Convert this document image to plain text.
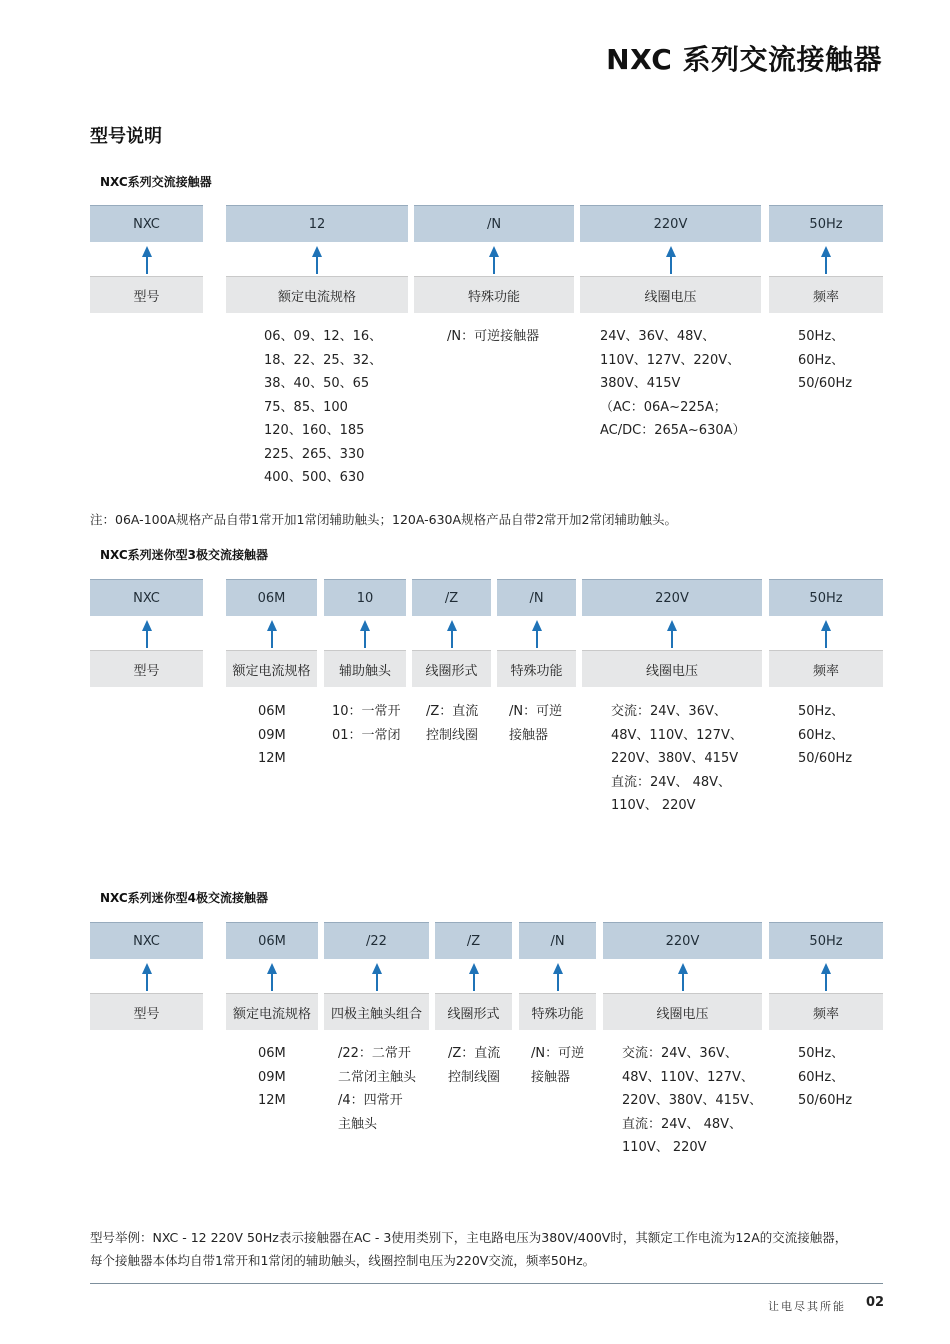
NXC 系列交流接触器
型号说明
NXC系列交流接触器
NXC
型号
12
额定电流规格
06、09、12、16、
18、22、25、32、
38、40、50、65
75、85、100
120、160、185
225、265、330
400、500、630
/N
特殊功能
/N：可逆接触器
220V
线圈电压
24V、36V、48V、
110V、127V、220V、
380V、415V
（AC：06A~225A；
AC/DC：265A~630A）
50Hz
频率
50Hz、
60Hz、
50/60Hz
注：06A-100A规格产品自带1常开加1常闭辅助触头；120A-630A规格产品自带2常开加2常闭辅助触头。
NXC系列迷你型3极交流接触器
NXC
型号
06M
额定电流规格
06M
09M
12M
10
辅助触头
10：一常开
01：一常闭
/Z
线圈形式
/Z：直流
控制线圈
/N
特殊功能
/N：可逆
接触器
220V
线圈电压
交流：24V、36V、
48V、110V、127V、
220V、380V、415V
直流：24V、 48V、
110V、 220V
50Hz
频率
50Hz、
60Hz、
50/60Hz
NXC系列迷你型4极交流接触器
NXC
型号
06M
额定电流规格
06M
09M
12M
/22
四极主触头组合
/22：二常开
二常闭主触头
/4：四常开
主触头
/Z
线圈形式
/Z：直流
控制线圈
/N
特殊功能
/N：可逆
接触器
220V
线圈电压
交流：24V、36V、
48V、110V、127V、
220V、380V、415V、
直流：24V、 48V、
110V、 220V
50Hz
频率
50Hz、
60Hz、
50/60Hz
型号举例：NXC - 12 220V 50Hz表示接触器在AC - 3使用类别下，主电路电压为380V/400V时，其额定工作电流为12A的交流接触器，
每个接触器本体均自带1常开和1常闭的辅助触头，线圈控制电压为220V交流，频率50Hz。
让电尽其所能 02
